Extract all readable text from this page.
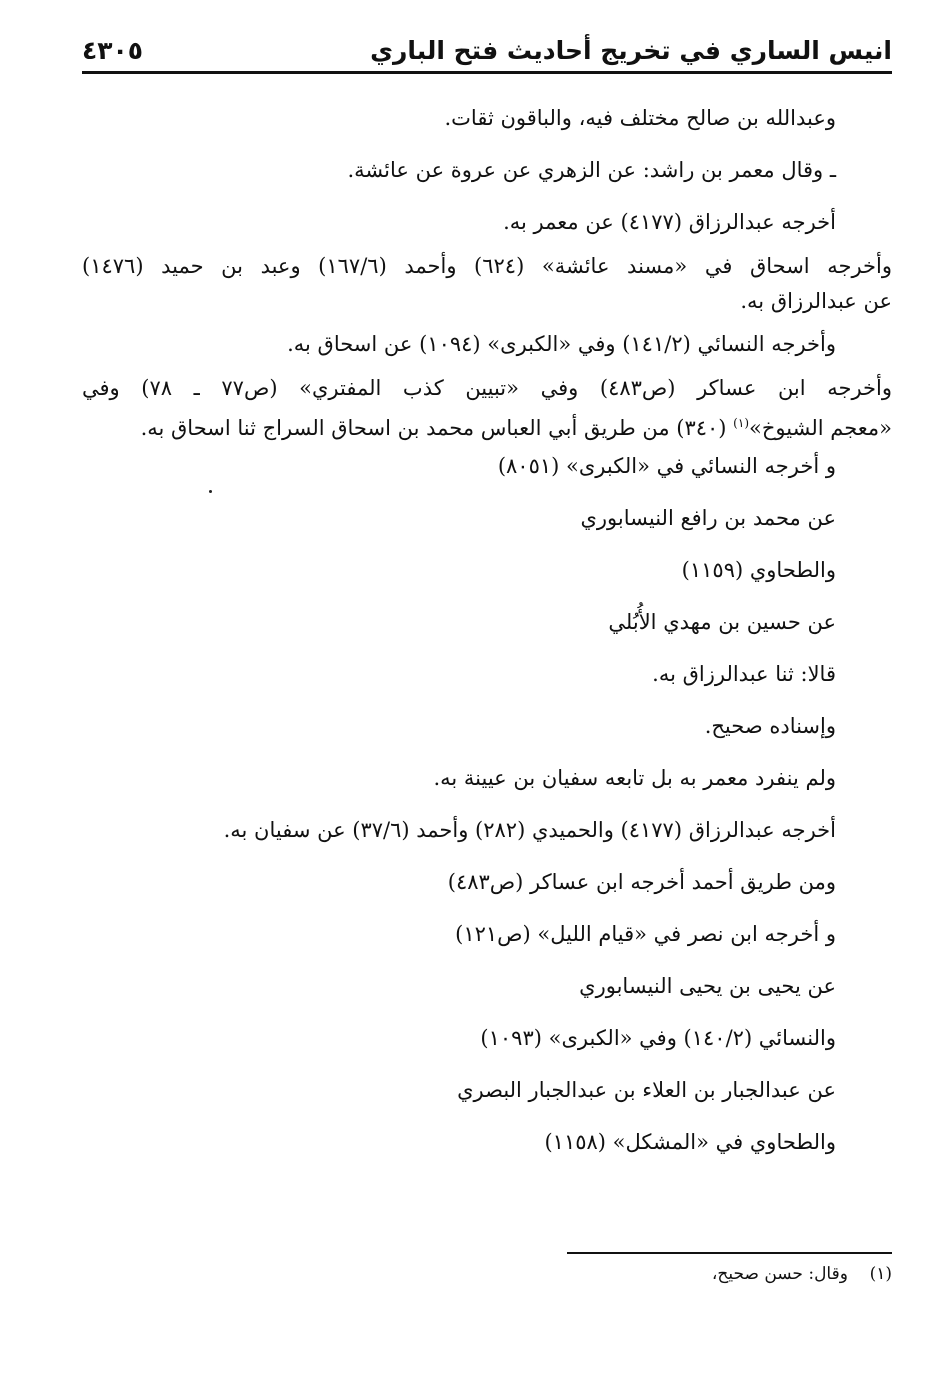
انيس الساري في تخريج أحاديث فتح الباري
٤٣٠٥
وعبدالله بن صالح مختلف فيه، والباقون ثقات.
ـ وقال معمر بن راشد: عن الزهري عن عروة عن عائشة.
أخرجه عبدالرزاق (٤١٧٧) عن معمر به.
وأخرجه اسحاق في «مسند عائشة» (٦٢٤) وأحمد (١٦٧/٦) وعبد بن حميد (١٤٧٦)
عن عبدالرزاق به.
وأخرجه النسائي (١٤١/٢) وفي «الكبرى» (١٠٩٤) عن اسحاق به.
وأخرجه ابن عساكر (ص٤٨٣) وفي «تبيين كذب المفتري» (ص٧٧ ـ ٧٨) وفي
«معجم الشيوخ»$^{(١)}$ (٣٤٠) من طريق أبي العباس محمد بن اسحاق السراج ثنا اسحاق به.
و أخرجه النسائي في «الكبرى» (٨٠٥١)
عن محمد بن رافع النيسابوري
والطحاوي (١١٥٩)
عن حسين بن مهدي الأُبُلي
قالا: ثنا عبدالرزاق به.
وإسناده صحيح.
ولم ينفرد معمر به بل تابعه سفيان بن عيينة به.
أخرجه عبدالرزاق (٤١٧٧) والحميدي (٢٨٢) وأحمد (٣٧/٦) عن سفيان به.
ومن طريق أحمد أخرجه ابن عساكر (ص٤٨٣)
و أخرجه ابن نصر في «قيام الليل» (ص١٢١)
عن يحيى بن يحيى النيسابوري
والنسائي (١٤٠/٢) وفي «الكبرى» (١٠٩٣)
عن عبدالجبار بن العلاء بن عبدالجبار البصري
والطحاوي في «المشكل» (١١٥٨)
(١)    وقال: حسن صحيح،
